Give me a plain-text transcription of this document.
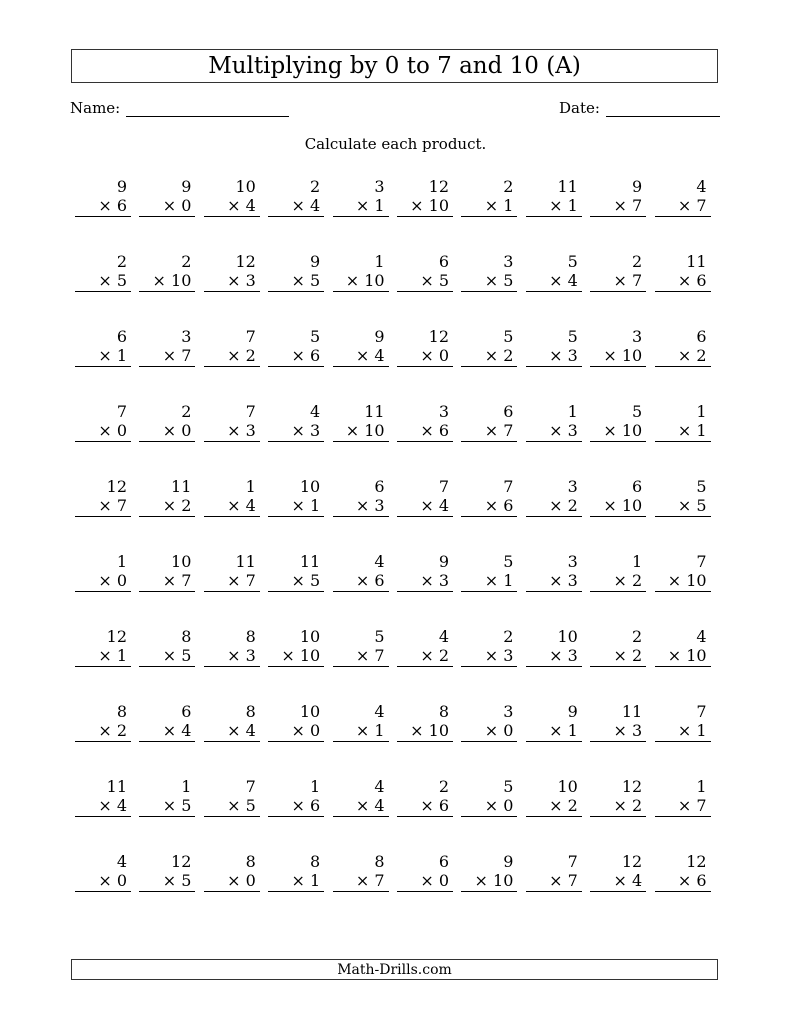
Multiplying by 0 to 7 and 10 (A)
Name:	Date:
Calculate each product.
9
× 6
9
× 0
10
× 4
2
× 4
3
× 1
12
× 10
2
× 1
11
× 1
9
× 7
4
× 7
2
× 5
2
× 10
12
× 3
9
× 5
1
× 10
6
× 5
3
× 5
5
× 4
2
× 7
11
× 6
6
× 1
3
× 7
7
× 2
5
× 6
9
× 4
12
× 0
5
× 2
5
× 3
3
× 10
6
× 2
7
× 0
2
× 0
7
× 3
4
× 3
11
× 10
3
× 6
6
× 7
1
× 3
5
× 10
1
× 1
12
× 7
11
× 2
1
× 4
10
× 1
6
× 3
7
× 4
7
× 6
3
× 2
6
× 10
5
× 5
1
× 0
10
× 7
11
× 7
11
× 5
4
× 6
9
× 3
5
× 1
3
× 3
1
× 2
7
× 10
12
× 1
8
× 5
8
× 3
10
× 10
5
× 7
4
× 2
2
× 3
10
× 3
2
× 2
4
× 10
8
× 2
6
× 4
8
× 4
10
× 0
4
× 1
8
× 10
3
× 0
9
× 1
11
× 3
7
× 1
11
× 4
1
× 5
7
× 5
1
× 6
4
× 4
2
× 6
5
× 0
10
× 2
12
× 2
1
× 7
4
× 0
12
× 5
8
× 0
8
× 1
8
× 7
6
× 0
9
× 10
7
× 7
12
× 4
12
× 6
Math-Drills.com
